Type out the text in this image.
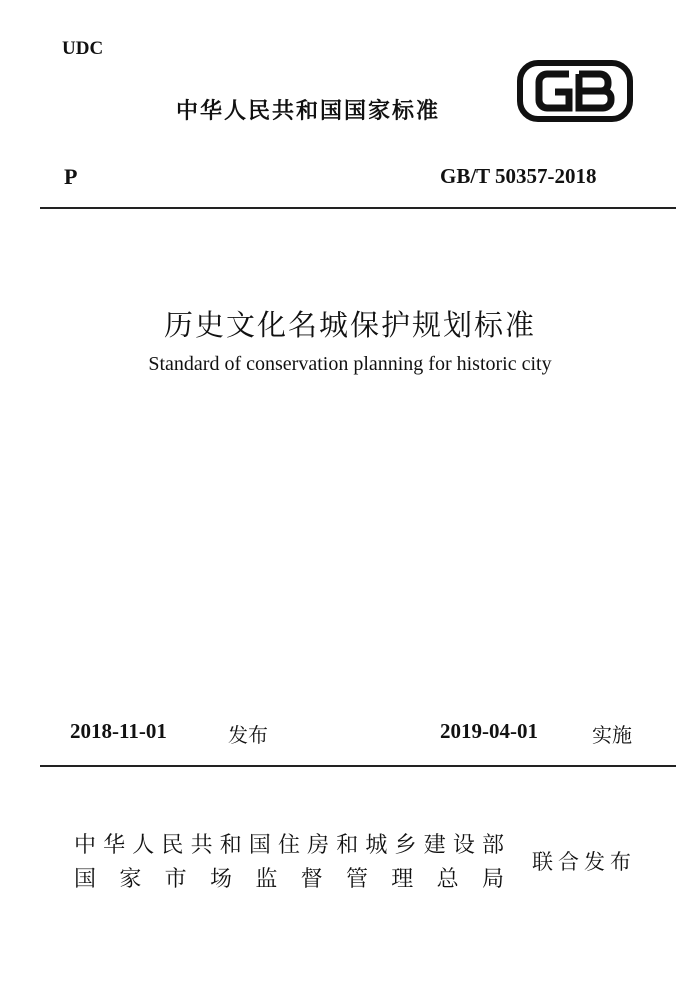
UDC
中华人民共和国国家标准
P	GB/T 50357-2018
历史文化名城保护规划标准
Standard of conservation planning for historic city
2018-11-01	发布	2019-04-01	实施
中 华 人 民 共 和 国 住 房 和 城 乡 建 设 部
国 家 市 场 监 督 管 理 总 局
联合发布
